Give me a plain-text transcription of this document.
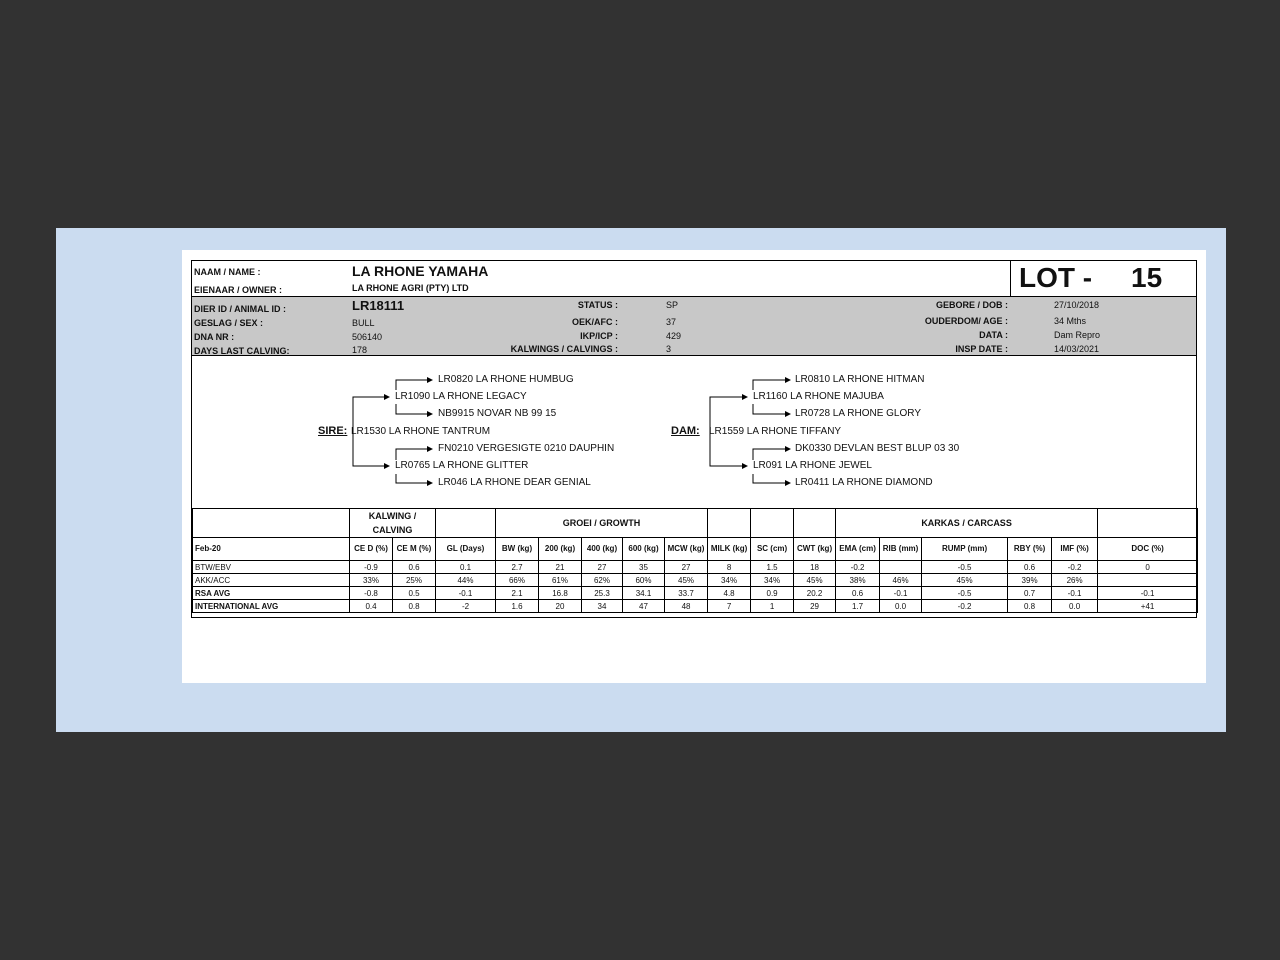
NAAM / NAME :	LA RHONE YAMAHA
EIENAAR / OWNER :	LA RHONE AGRI (PTY) LTD	LOT - 15
DIER ID / ANIMAL ID :	LR18111
GESLAG / SEX :	BULL
DNA NR :	506140
DAYS LAST CALVING:	178
STATUS :	SP
OEK/AFC :	37
IKP/ICP :	429
KALWINGS / CALVINGS :	3
GEBORE / DOB :	27/10/2018
OUDERDOM/ AGE :	34 Mths
DATA :	Dam Repro
INSP DATE :	14/03/2021
LR0820 LA RHONE HUMBUG
LR1090 LA RHONE LEGACY
NB9915 NOVAR NB 99 15
SIRE: LR1530 LA RHONE TANTRUM
FN0210 VERGESIGTE 0210 DAUPHIN
LR0765 LA RHONE GLITTER
LR046 LA RHONE DEAR GENIAL
LR0810 LA RHONE HITMAN
LR1160 LA RHONE MAJUBA
LR0728 LA RHONE GLORY
DAM: LR1559 LA RHONE TIFFANY
DK0330 DEVLAN BEST BLUP 03 30
LR091 LA RHONE JEWEL
LR0411 LA RHONE DIAMOND
	KALWING / CALVING			GROEI / GROWTH								KARKAS / CARCASS					
Feb-20	CE D (%)	CE M (%)	GL (Days)	BW (kg)	200 (kg)	400 (kg)	600 (kg)	MCW (kg)	MILK (kg)	SC (cm)	CWT (kg)	EMA (cm)	RIB (mm)	RUMP (mm)	RBY (%)	IMF (%)	DOC (%)
BTW/EBV	-0.9	0.6	0.1	2.7	21	27	35	27	8	1.5	18	-0.2		-0.5	0.6	-0.2	0
AKK/ACC	33%	25%	44%	66%	61%	62%	60%	45%	34%	34%	45%	38%	46%	45%	39%	26%	
RSA AVG	-0.8	0.5	-0.1	2.1	16.8	25.3	34.1	33.7	4.8	0.9	20.2	0.6	-0.1	-0.5	0.7	-0.1	-0.1
INTERNATIONAL AVG	0.4	0.8	-2	1.6	20	34	47	48	7	1	29	1.7	0.0	-0.2	0.8	0.0	+41
